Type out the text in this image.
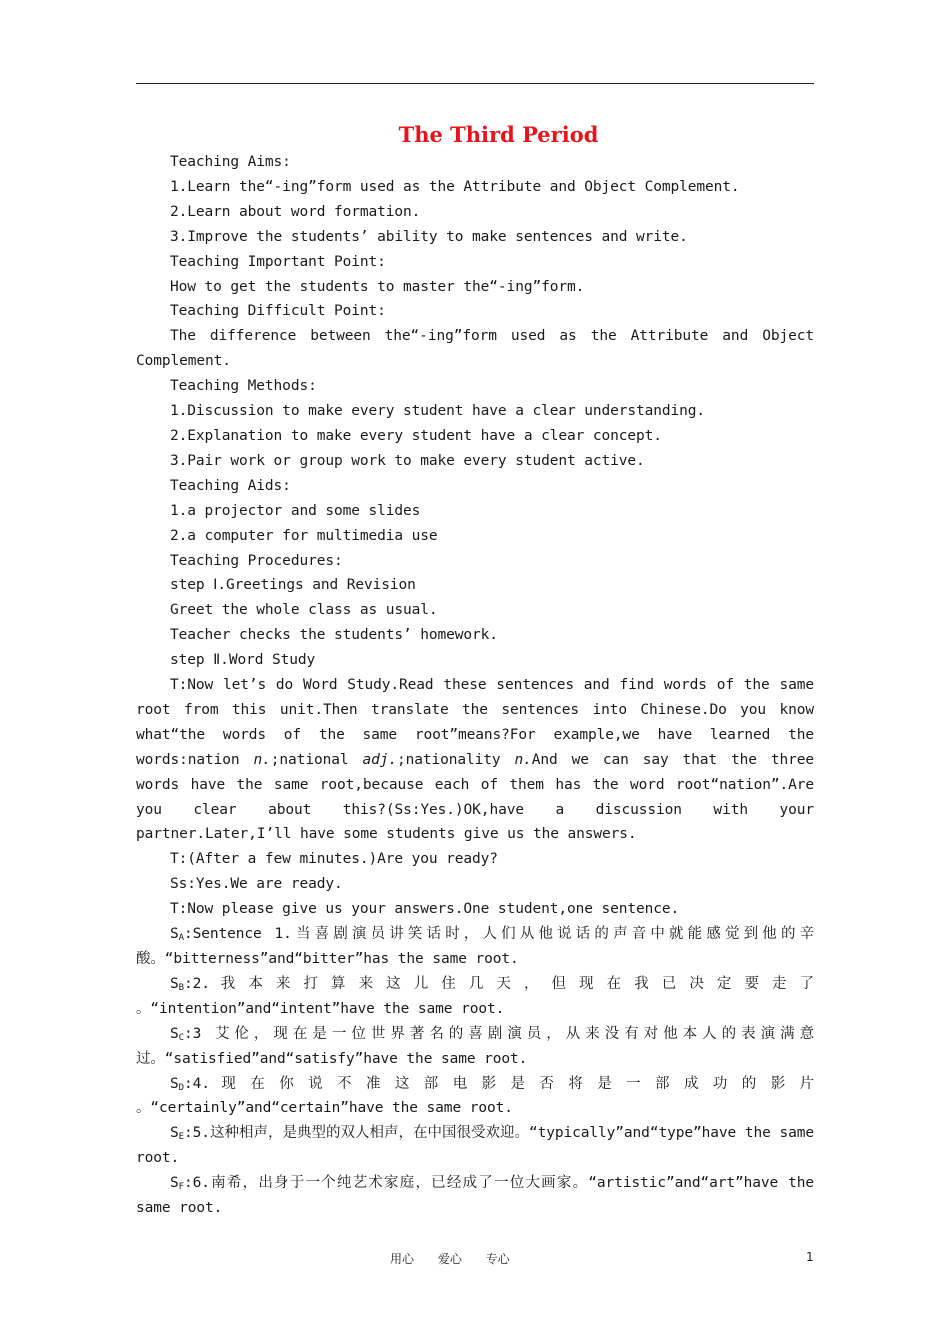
The Third Period

Teaching Aims:

1.Learn the“-ing”form used as the Attribute and Object Complement.

2.Learn about word formation.

3.Improve the students’ ability to make sentences and write.

Teaching Important Point:

How to get the students to master the“-ing”form.

Teaching Difficult Point:

The difference between the“-ing”form used as the Attribute and Object Complement.

Teaching Methods:

1.Discussion to make every student have a clear understanding.

2.Explanation to make every student have a clear concept.

3.Pair work or group work to make every student active.

Teaching Aids:

1.a projector and some slides

2.a computer for multimedia use

Teaching Procedures:

step Ⅰ.Greetings and Revision

Greet the whole class as usual.

Teacher checks the students’ homework.

step Ⅱ.Word Study

T:Now let’s do Word Study.Read these sentences and find words of the same root from this unit.Then translate the sentences into Chinese.Do you know what“the words of the same root”means?For example,we have learned the words:nation n.;national adj.;nationality n.And we can say that the three words have the same root,because each of them has the word root“nation”.Are you clear about this?(Ss:Yes.)OK,have a discussion with your partner.Later,I’ll have some students give us the answers.

T:(After a few minutes.)Are you ready?

Ss:Yes.We are ready.

T:Now please give us your answers.One student,one sentence.

$S_A:Sentence$ 1.当喜剧演员讲笑话时，人们从他说话的声音中就能感觉到他的辛酸。“bitterness”and“bitter”has the same root.

$S_B:2$. 我 本 来 打 算 来 这 儿 住 几 天 ， 但 现 在 我 已 决 定 要 走 了 。“intention”and“intent”have the same root.

$S_C:3$ 艾伦，现在是一位世界著名的喜剧演员，从来没有对他本人的表演满意过。“satisfied”and“satisfy”have the same root.

$S_D:4$. 现 在 你 说 不 准 这 部 电 影 是 否 将 是 一 部 成 功 的 影 片 。“certainly”and“certain”have the same root.

$S_E:5$.这种相声，是典型的双人相声，在中国很受欢迎。“typically”and“type”have the same root.

$S_F:6$.南希，出身于一个纯艺术家庭，已经成了一位大画家。“artistic”and“art”have the same root.

用心 爱心 专心	1
